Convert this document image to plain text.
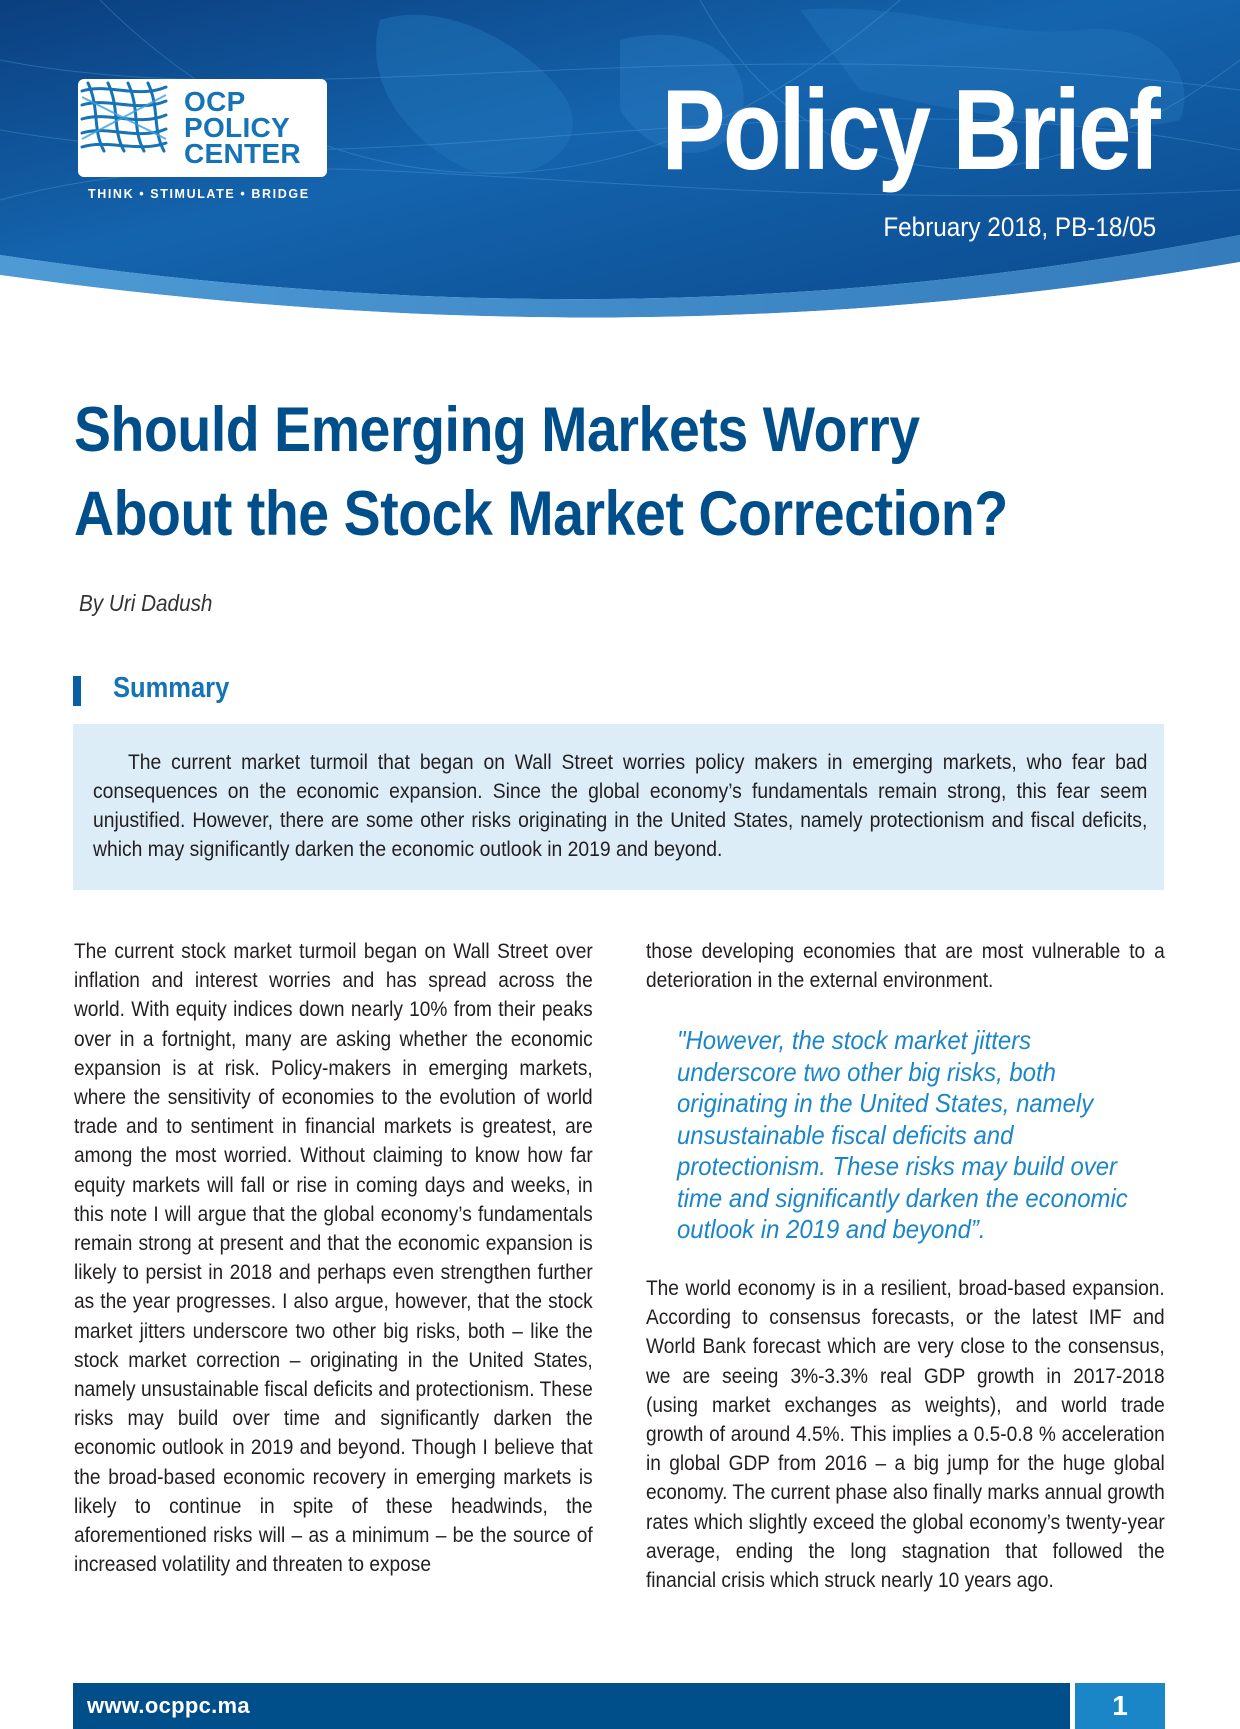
OCP
POLICY
CENTER
THINK • STIMULATE • BRIDGE	Policy Brief
February 2018, PB-18/05
Should Emerging Markets Worry
About the Stock Market Correction?
By Uri Dadush
Summary
The current market turmoil that began on Wall Street worries policy makers in emerging markets, who fear bad consequences on the economic expansion. Since the global economy’s fundamentals remain strong, this fear seem unjustified. However, there are some other risks originating in the United States, namely protectionism and fiscal deficits, which may significantly darken the economic outlook in 2019 and beyond.

The current stock market turmoil began on Wall Street over inflation and interest worries and has spread across the world. With equity indices down nearly 10% from their peaks over in a fortnight, many are asking whether the economic expansion is at risk. Policy-makers in emerging markets, where the sensitivity of economies to the evolution of world trade and to sentiment in financial markets is greatest, are among the most worried. Without claiming to know how far equity markets will fall or rise in coming days and weeks, in this note I will argue that the global economy’s fundamentals remain strong at present and that the economic expansion is likely to persist in 2018 and perhaps even strengthen further as the year progresses. I also argue, however, that the stock market jitters underscore two other big risks, both – like the stock market correction – originating in the United States, namely unsustainable fiscal deficits and protectionism. These risks may build over time and significantly darken the economic outlook in 2019 and beyond. Though I believe that the broad-based economic recovery in emerging markets is likely to continue in spite of these headwinds, the aforementioned risks will – as a minimum – be the source of increased volatility and threaten to expose

those developing economies that are most vulnerable to a deterioration in the external environment.

"However, the stock market jitters underscore two other big risks, both originating in the United States, namely unsustainable fiscal deficits and protectionism. These risks may build over time and significantly darken the economic outlook in 2019 and beyond”.

The world economy is in a resilient, broad-based expansion. According to consensus forecasts, or the latest IMF and World Bank forecast which are very close to the consensus, we are seeing 3%-3.3% real GDP growth in 2017-2018 (using market exchanges as weights), and world trade growth of around 4.5%. This implies a 0.5-0.8 % acceleration in global GDP from 2016 – a big jump for the huge global economy. The current phase also finally marks annual growth rates which slightly exceed the global economy’s twenty-year average, ending the long stagnation that followed the financial crisis which struck nearly 10 years ago.

www.ocppc.ma	1
